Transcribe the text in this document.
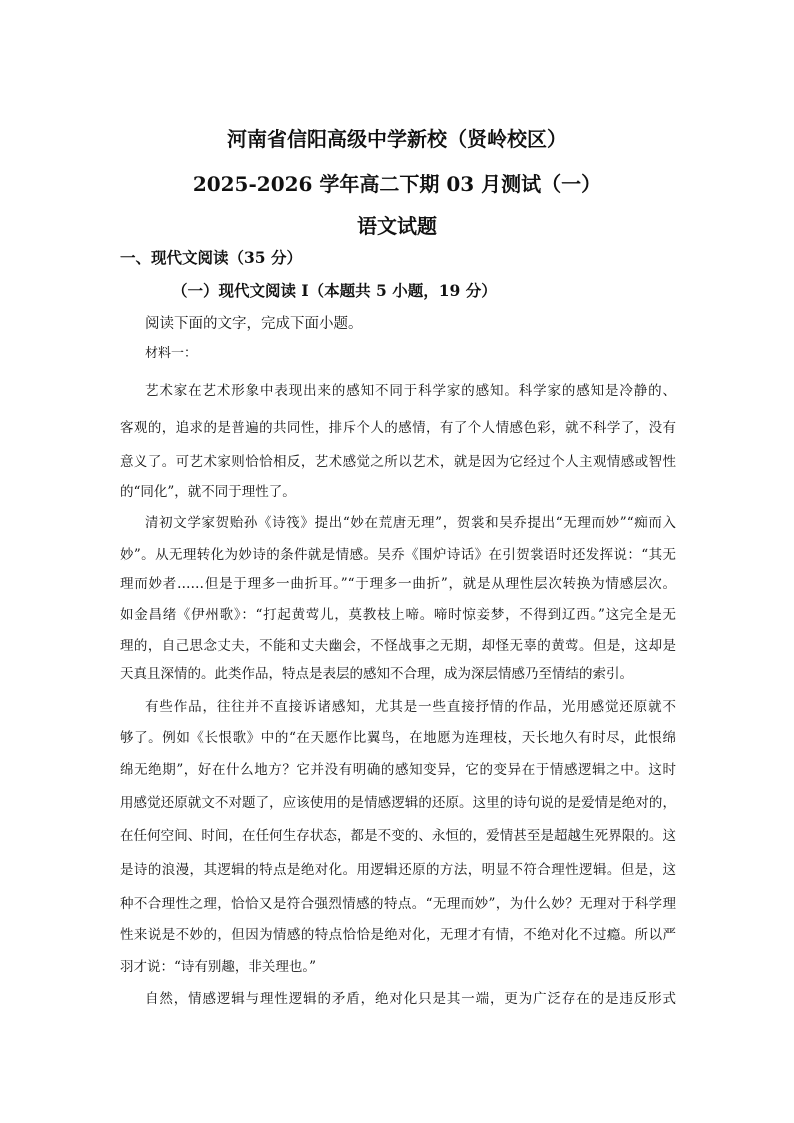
河南省信阳高级中学新校（贤岭校区）
2025-2026 学年高二下期 03 月测试（一）
语文试题
一、现代文阅读（35 分）
（一）现代文阅读 I（本题共 5 小题，19 分）
阅读下面的文字，完成下面小题。
材料一：
艺术家在艺术形象中表现出来的感知不同于科学家的感知。科学家的感知是冷静的、
客观的，追求的是普遍的共同性，排斥个人的感情，有了个人情感色彩，就不科学了，没有
意义了。可艺术家则恰恰相反，艺术感觉之所以艺术，就是因为它经过个人主观情感或智性
的“同化”，就不同于理性了。
清初文学家贺贻孙《诗筏》提出“妙在荒唐无理”，贺裳和吴乔提出“无理而妙”“痴而入
妙”。从无理转化为妙诗的条件就是情感。吴乔《围炉诗话》在引贺裳语时还发挥说：“其无
理而妙者……但是于理多一曲折耳。”“于理多一曲折”，就是从理性层次转换为情感层次。
如金昌绪《伊州歌》：“打起黄莺儿，莫教枝上啼。啼时惊妾梦，不得到辽西。”这完全是无
理的，自己思念丈夫，不能和丈夫幽会，不怪战事之无期，却怪无辜的黄莺。但是，这却是
天真且深情的。此类作品，特点是表层的感知不合理，成为深层情感乃至情结的索引。
有些作品，往往并不直接诉诸感知，尤其是一些直接抒情的作品，光用感觉还原就不
够了。例如《长恨歌》中的“在天愿作比翼鸟，在地愿为连理枝，天长地久有时尽，此恨绵
绵无绝期”，好在什么地方？它并没有明确的感知变异，它的变异在于情感逻辑之中。这时
用感觉还原就文不对题了，应该使用的是情感逻辑的还原。这里的诗句说的是爱情是绝对的，
在任何空间、时间，在任何生存状态，都是不变的、永恒的，爱情甚至是超越生死界限的。这
是诗的浪漫，其逻辑的特点是绝对化。用逻辑还原的方法，明显不符合理性逻辑。但是，这
种不合理性之理，恰恰又是符合强烈情感的特点。“无理而妙”，为什么妙？无理对于科学理
性来说是不妙的，但因为情感的特点恰恰是绝对化，无理才有情，不绝对化不过瘾。所以严
羽才说：“诗有别趣，非关理也。”
自然，情感逻辑与理性逻辑的矛盾，绝对化只是其一端，更为广泛存在的是违反形式
